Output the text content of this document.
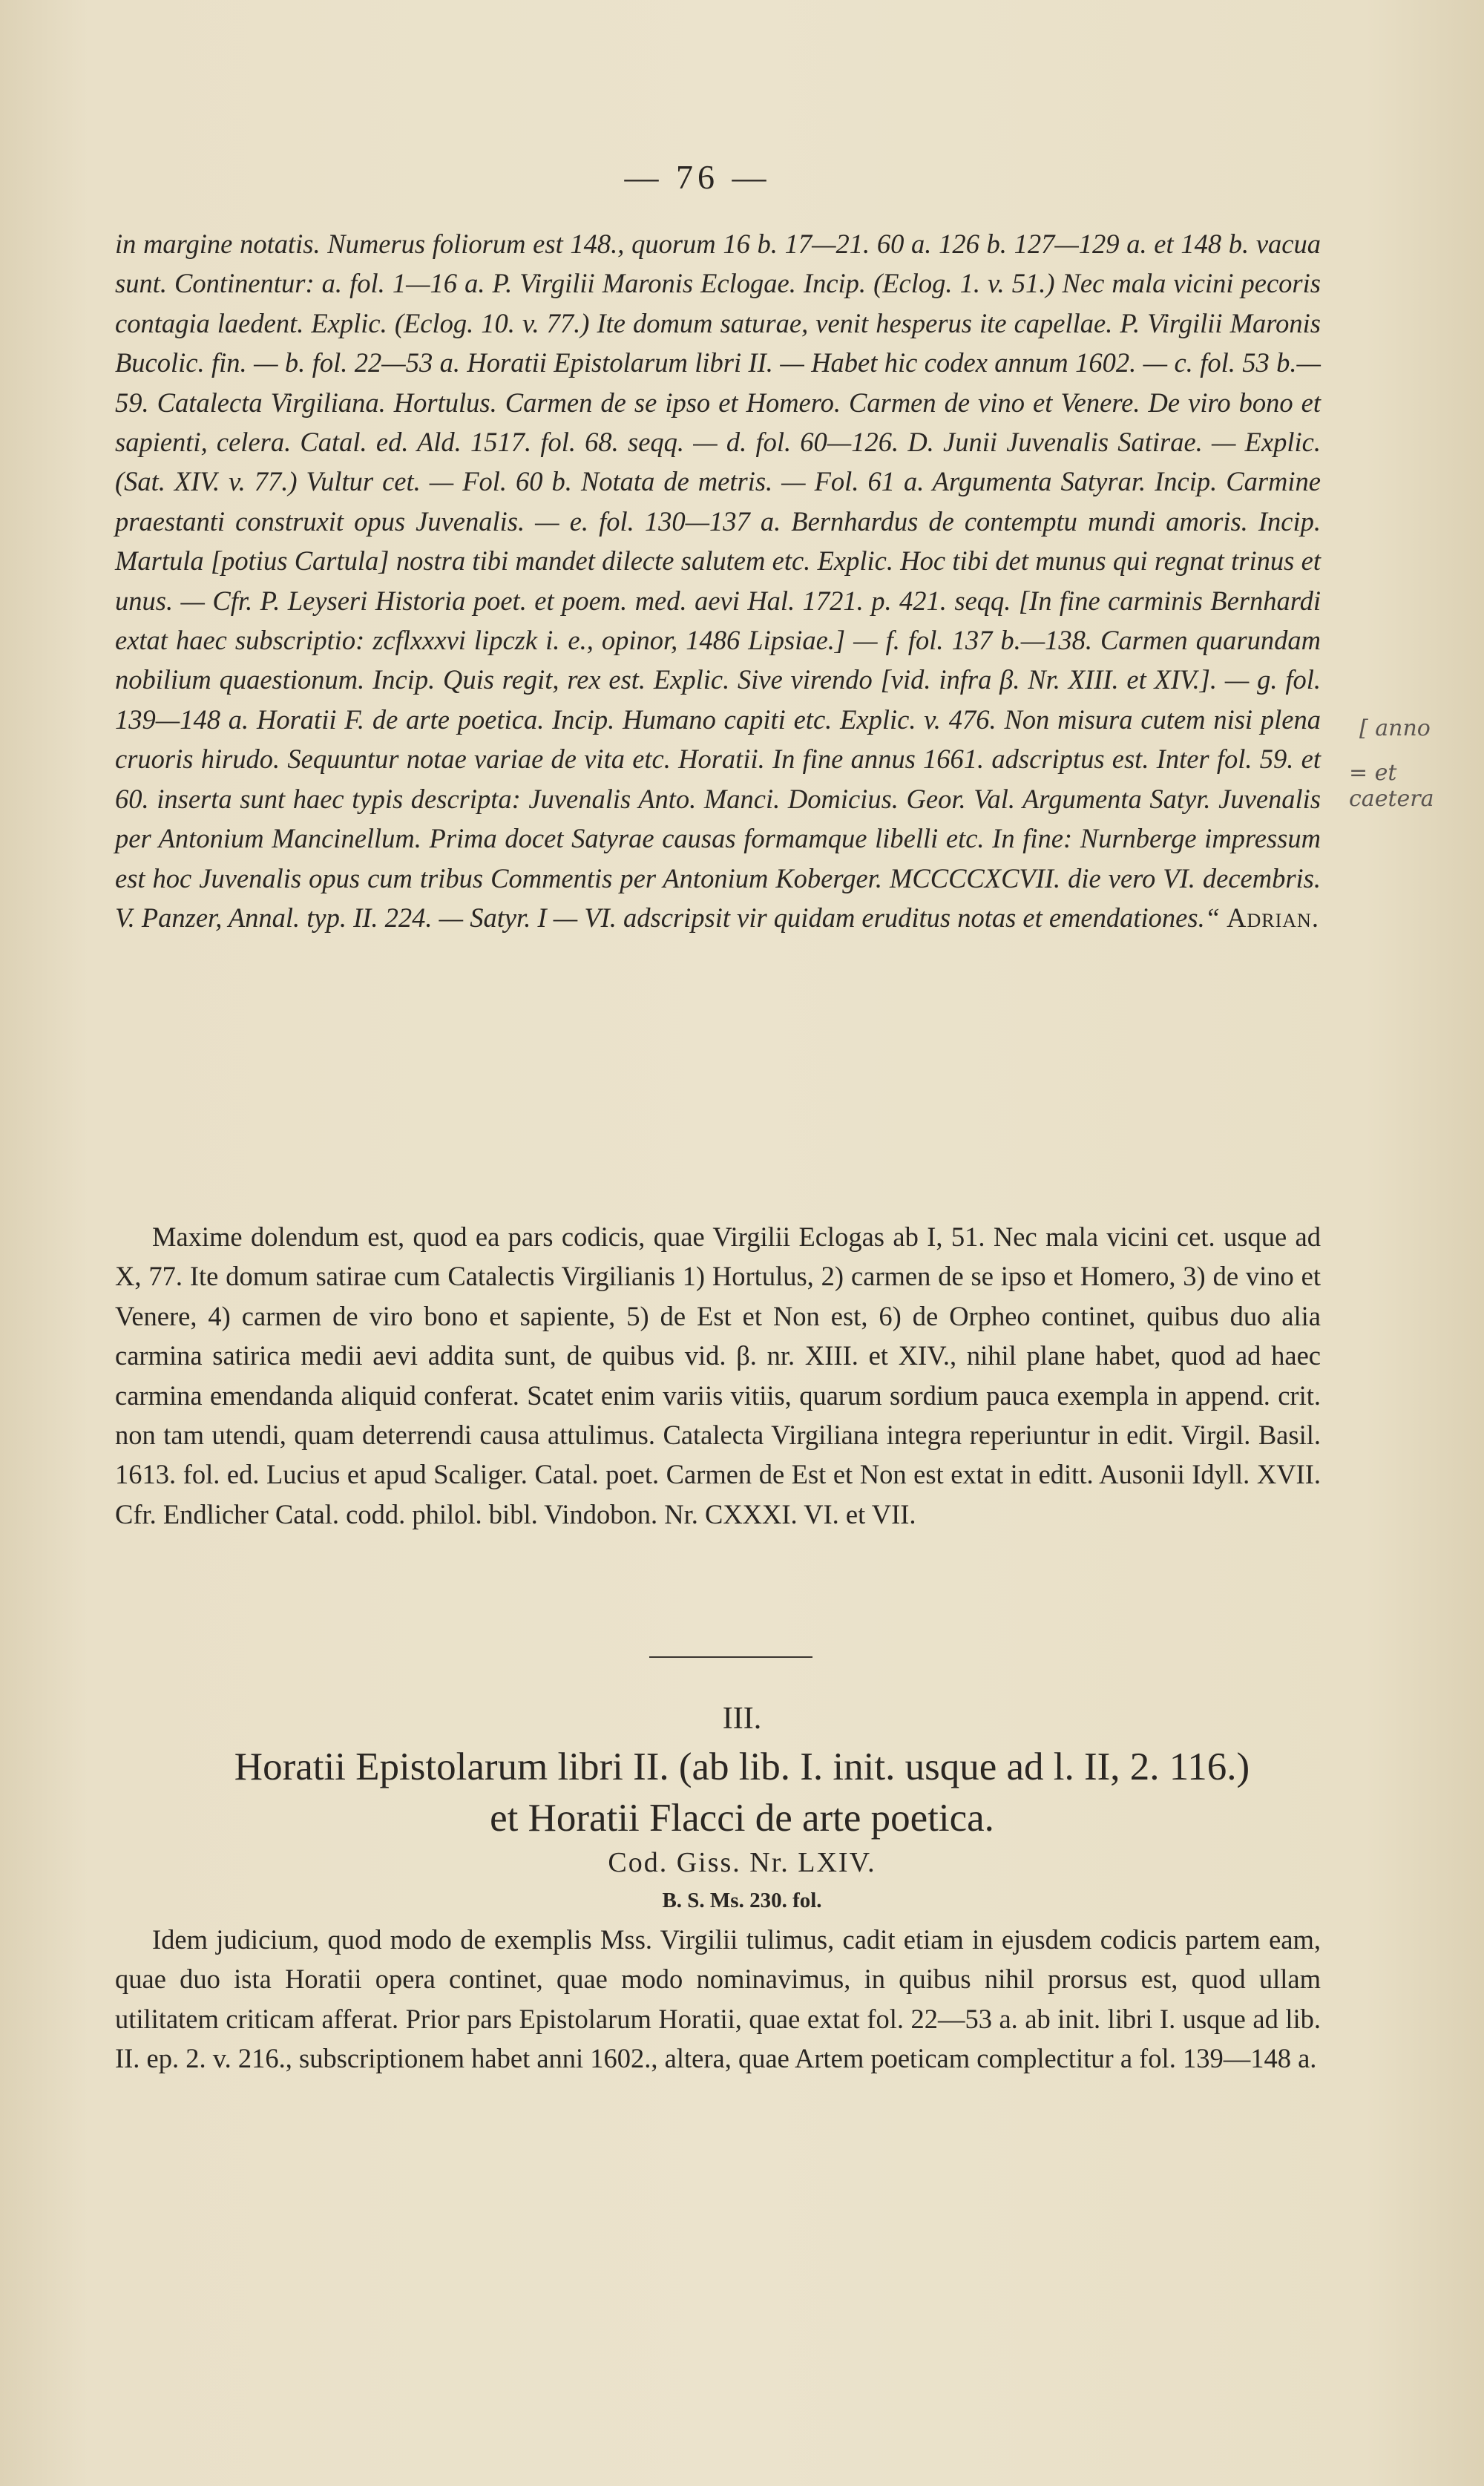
— 76 —

in margine notatis. Numerus foliorum est 148., quorum 16 b. 17—21. 60 a. 126 b. 127—129 a. et 148 b. vacua sunt. Continentur: a. fol. 1—16 a. P. Virgilii Maronis Eclogae. Incip. (Eclog. 1. v. 51.) Nec mala vicini pecoris contagia laedent. Explic. (Eclog. 10. v. 77.) Ite domum saturae, venit hesperus ite capellae. P. Virgilii Maronis Bucolic. fin. — b. fol. 22—53 a. Horatii Epistolarum libri II. — Habet hic codex annum 1602. — c. fol. 53 b.—59. Catalecta Virgiliana. Hortulus. Carmen de se ipso et Homero. Carmen de vino et Venere. De viro bono et sapienti, celera. Catal. ed. Ald. 1517. fol. 68. seqq. — d. fol. 60—126. D. Junii Juvenalis Satirae. — Explic. (Sat. XIV. v. 77.) Vultur cet. — Fol. 60 b. Notata de metris. — Fol. 61 a. Argumenta Satyrar. Incip. Carmine praestanti construxit opus Juvenalis. — e. fol. 130—137 a. Bernhardus de contemptu mundi amoris. Incip. Martula [potius Cartula] nostra tibi mandet dilecte salutem etc. Explic. Hoc tibi det munus qui regnat trinus et unus. — Cfr. P. Leyseri Historia poet. et poem. med. aevi Hal. 1721. p. 421. seqq. [In fine carminis Bernhardi extat haec subscriptio: zcflxxxvi lipczk i. e., opinor, 1486 Lipsiae.] — f. fol. 137 b.—138. Carmen quarundam nobilium quaestionum. Incip. Quis regit, rex est. Explic. Sive virendo [vid. infra β. Nr. XIII. et XIV.]. — g. fol. 139—148 a. Horatii F. de arte poetica. Incip. Humano capiti etc. Explic. v. 476. Non misura cutem nisi plena cruoris hirudo. Sequuntur notae variae de vita etc. Horatii. In fine annus 1661. adscriptus est. Inter fol. 59. et 60. inserta sunt haec typis descripta: Juvenalis Anto. Manci. Domicius. Geor. Val. Argumenta Satyr. Juvenalis per Antonium Mancinellum. Prima docet Satyrae causas formamque libelli etc. In fine: Nurnberge impressum est hoc Juvenalis opus cum tribus Commentis per Antonium Koberger. MCCCCXCVII. die vero VI. decembris. V. Panzer, Annal. typ. II. 224. — Satyr. I — VI. adscripsit vir quidam eruditus notas et emendationes.“ Adrian.

Maxime dolendum est, quod ea pars codicis, quae Virgilii Eclogas ab I, 51. Nec mala vicini cet. usque ad X, 77. Ite domum satirae cum Catalectis Virgilianis 1) Hortulus, 2) carmen de se ipso et Homero, 3) de vino et Venere, 4) carmen de viro bono et sapiente, 5) de Est et Non est, 6) de Orpheo continet, quibus duo alia carmina satirica medii aevi addita sunt, de quibus vid. β. nr. XIII. et XIV., nihil plane habet, quod ad haec carmina emendanda aliquid conferat. Scatet enim variis vitiis, quarum sordium pauca exempla in append. crit. non tam utendi, quam deterrendi causa attulimus. Catalecta Virgiliana integra reperiuntur in edit. Virgil. Basil. 1613. fol. ed. Lucius et apud Scaliger. Catal. poet. Carmen de Est et Non est extat in editt. Ausonii Idyll. XVII. Cfr. Endlicher Catal. codd. philol. bibl. Vindobon. Nr. CXXXI. VI. et VII.

III.
Horatii Epistolarum libri II. (ab lib. I. init. usque ad l. II, 2. 116.)
et Horatii Flacci de arte poetica.
Cod. Giss. Nr. LXIV.
B. S. Ms. 230. fol.

Idem judicium, quod modo de exemplis Mss. Virgilii tulimus, cadit etiam in ejusdem codicis partem eam, quae duo ista Horatii opera continet, quae modo nominavimus, in quibus nihil prorsus est, quod ullam utilitatem criticam afferat. Prior pars Epistolarum Horatii, quae extat fol. 22—53 a. ab init. libri I. usque ad lib. II. ep. 2. v. 216., subscriptionem habet anni 1602., altera, quae Artem poeticam complectitur a fol. 139—148 a.

[ anno
= et caetera
